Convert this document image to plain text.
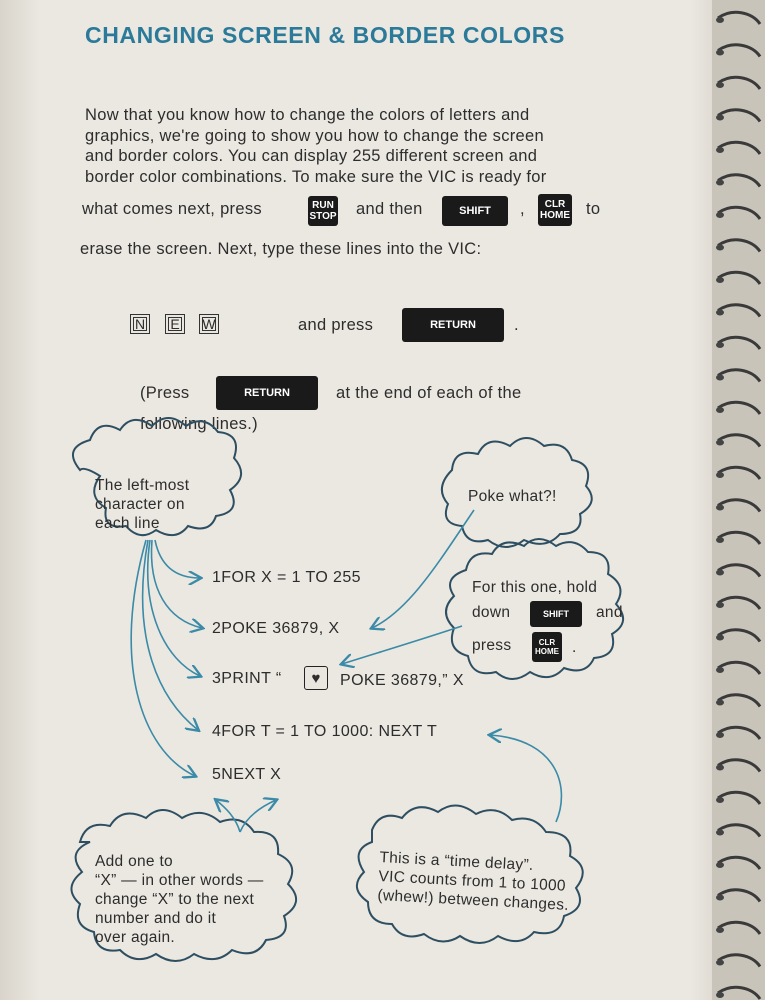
CHANGING SCREEN & BORDER COLORS

Now that you know how to change the colors of letters and

graphics, we're going to show you how to change the screen

and border colors. You can display 255 different screen and

border color combinations. To make sure the VIC is ready for

what comes next, press	RUN
STOP and then	SHIFT , CLR
HOME to
erase the screen. Next, type these lines into the VIC:
N	E	W	and press	RETURN .
(Press	RETURN	at the end of each of the
following lines.)

The left-most

character on

each line

Poke what?!
For this one, hold
down	SHIFT and
press	CLR
HOME .

Add one to

“X” — in other words —

change “X” to the next

number and do it

over again.

This is a “time delay”.

VIC counts from 1 to 1000

(whew!) between changes.

1FOR X = 1 TO 255
2POKE 36879, X
3PRINT “ ♥ POKE 36879,” X
4FOR T = 1 TO 1000: NEXT T
5NEXT X
